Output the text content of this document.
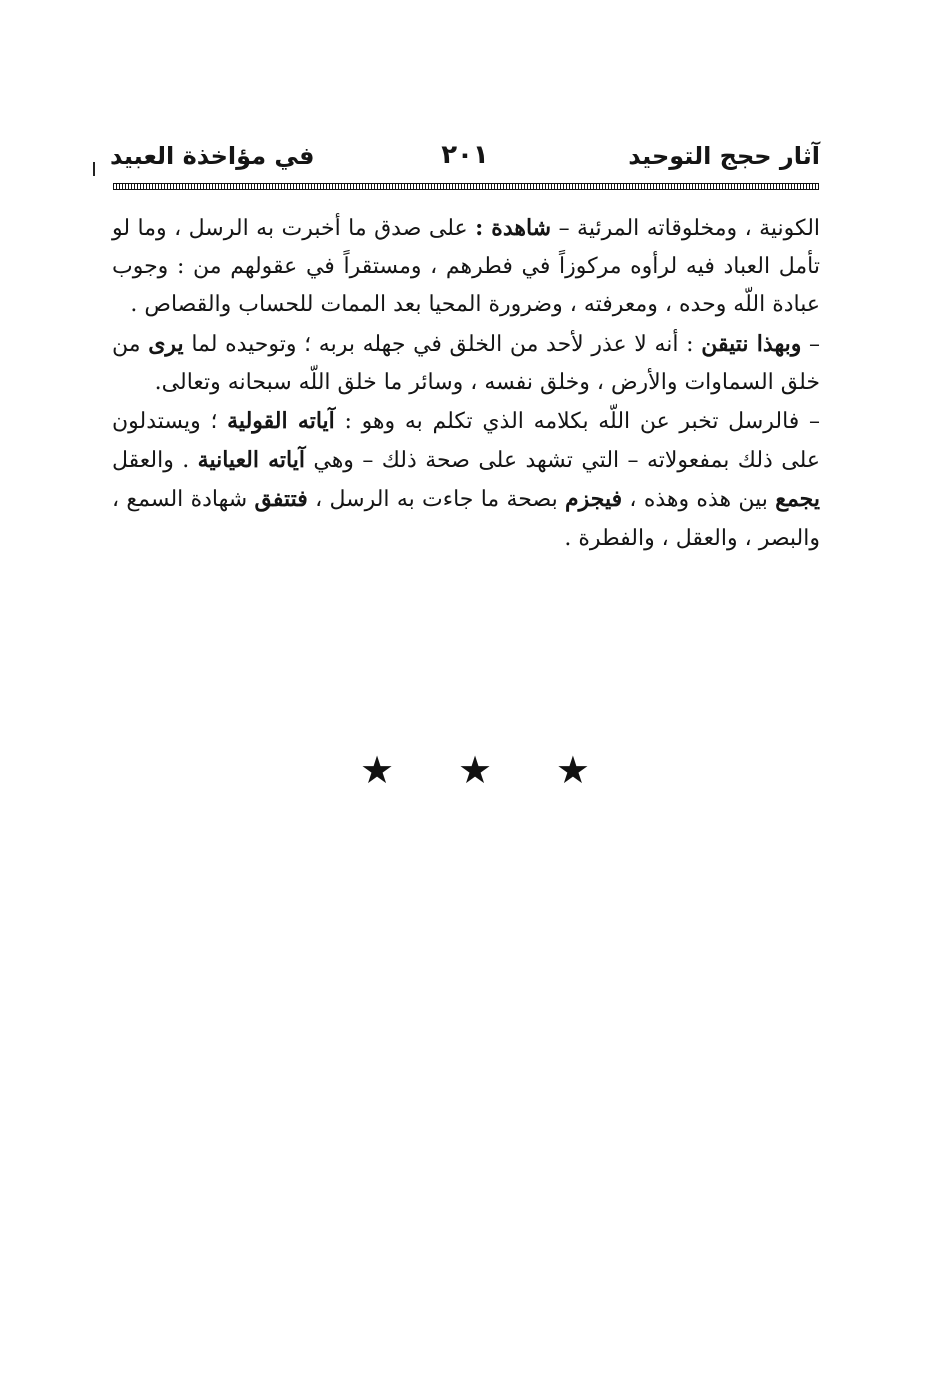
آثار حجج التوحيد
٢٠١
في مؤاخذة العبيد

الكونية ، ومخلوقاته المرئية – شاهدة : على صدق ما أخبرت به الرسل ، وما لو تأمل العباد فيه لرأوه مركوزاً في فطرهم ، ومستقراً في عقولهم من : وجوب عبادة اللّه وحده ، ومعرفته ، وضرورة المحيا بعد الممات للحساب والقصاص .

– وبهذا نتيقن : أنه لا عذر لأحد من الخلق في جهله بربه ؛ وتوحيده لما يرى من خلق السماوات والأرض ، وخلق نفسه ، وسائر ما خلق اللّه سبحانه وتعالى.

– فالرسل تخبر عن اللّه بكلامه الذي تكلم به وهو : آياته القولية ؛ ويستدلون على ذلك بمفعولاته – التي تشهد على صحة ذلك – وهي آياته العيانية . والعقل يجمع بين هذه وهذه ، فيجزم بصحة ما جاءت به الرسل ، فتتفق شهادة السمع ، والبصر ، والعقل ، والفطرة .

★
★
★
